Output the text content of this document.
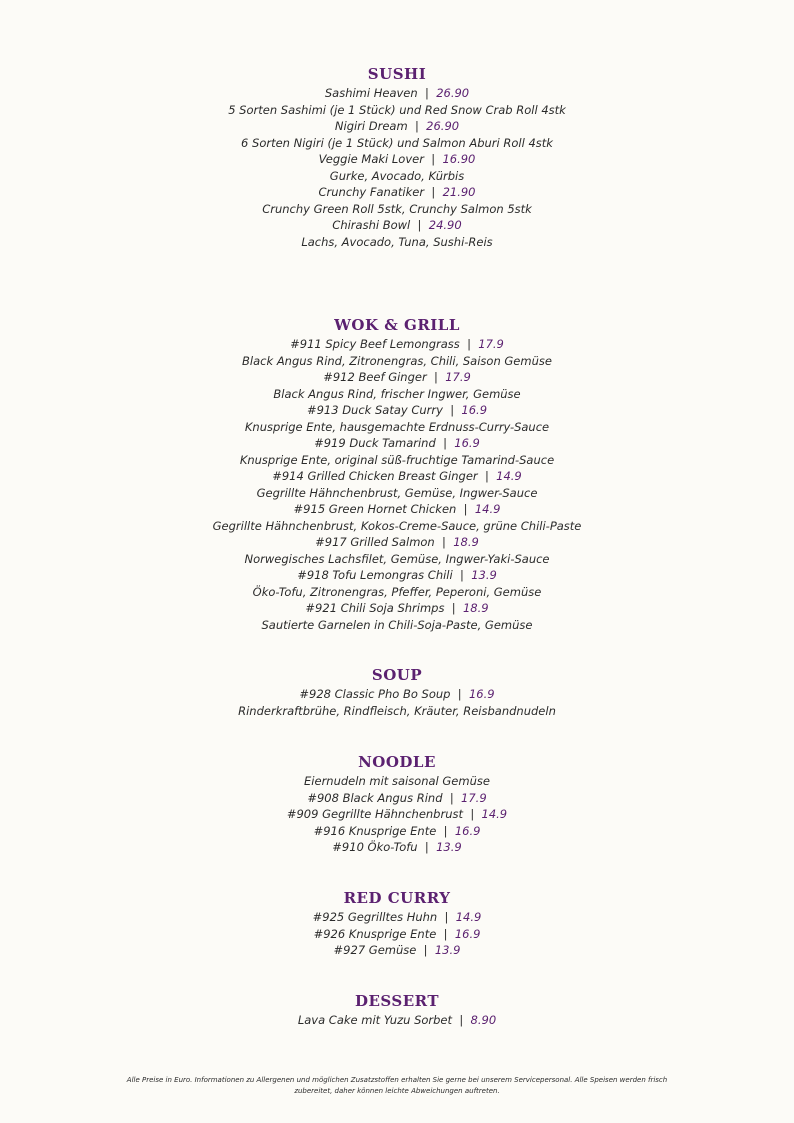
SUSHI
Sashimi Heaven  |  26.90
5 Sorten Sashimi (je 1 Stück) und Red Snow Crab Roll 4stk
Nigiri Dream  |  26.90
6 Sorten Nigiri (je 1 Stück) und Salmon Aburi Roll 4stk
Veggie Maki Lover  |  16.90
Gurke, Avocado, Kürbis
Crunchy Fanatiker  |  21.90
Crunchy Green Roll 5stk, Crunchy Salmon 5stk
Chirashi Bowl  |  24.90
Lachs, Avocado, Tuna, Sushi-Reis
WOK & GRILL
#911 Spicy Beef Lemongrass  |  17.9
Black Angus Rind, Zitronengras, Chili, Saison Gemüse
#912 Beef Ginger  |  17.9
Black Angus Rind, frischer Ingwer, Gemüse
#913 Duck Satay Curry  |  16.9
Knusprige Ente, hausgemachte Erdnuss-Curry-Sauce
#919 Duck Tamarind  |  16.9
Knusprige Ente, original süß-fruchtige Tamarind-Sauce
#914 Grilled Chicken Breast Ginger  |  14.9
Gegrillte Hähnchenbrust, Gemüse, Ingwer-Sauce
#915 Green Hornet Chicken  |  14.9
Gegrillte Hähnchenbrust, Kokos-Creme-Sauce, grüne Chili-Paste
#917 Grilled Salmon  |  18.9
Norwegisches Lachsfilet, Gemüse, Ingwer-Yaki-Sauce
#918 Tofu Lemongras Chili  |  13.9
Öko-Tofu, Zitronengras, Pfeffer, Peperoni, Gemüse
#921 Chili Soja Shrimps  |  18.9
Sautierte Garnelen in Chili-Soja-Paste, Gemüse
SOUP
#928 Classic Pho Bo Soup  |  16.9
Rinderkraftbrühe, Rindfleisch, Kräuter, Reisbandnudeln
NOODLE
Eiernudeln mit saisonal Gemüse
#908 Black Angus Rind  |  17.9
#909 Gegrillte Hähnchenbrust  |  14.9
#916 Knusprige Ente  |  16.9
#910 Öko-Tofu  |  13.9
RED CURRY
#925 Gegrilltes Huhn  |  14.9
#926 Knusprige Ente  |  16.9
#927 Gemüse  |  13.9
DESSERT
Lava Cake mit Yuzu Sorbet  |  8.90
Alle Preise in Euro. Informationen zu Allergenen und möglichen Zusatzstoffen erhalten Sie gerne bei unserem Servicepersonal. Alle Speisen werden frisch
zubereitet, daher können leichte Abweichungen auftreten.
